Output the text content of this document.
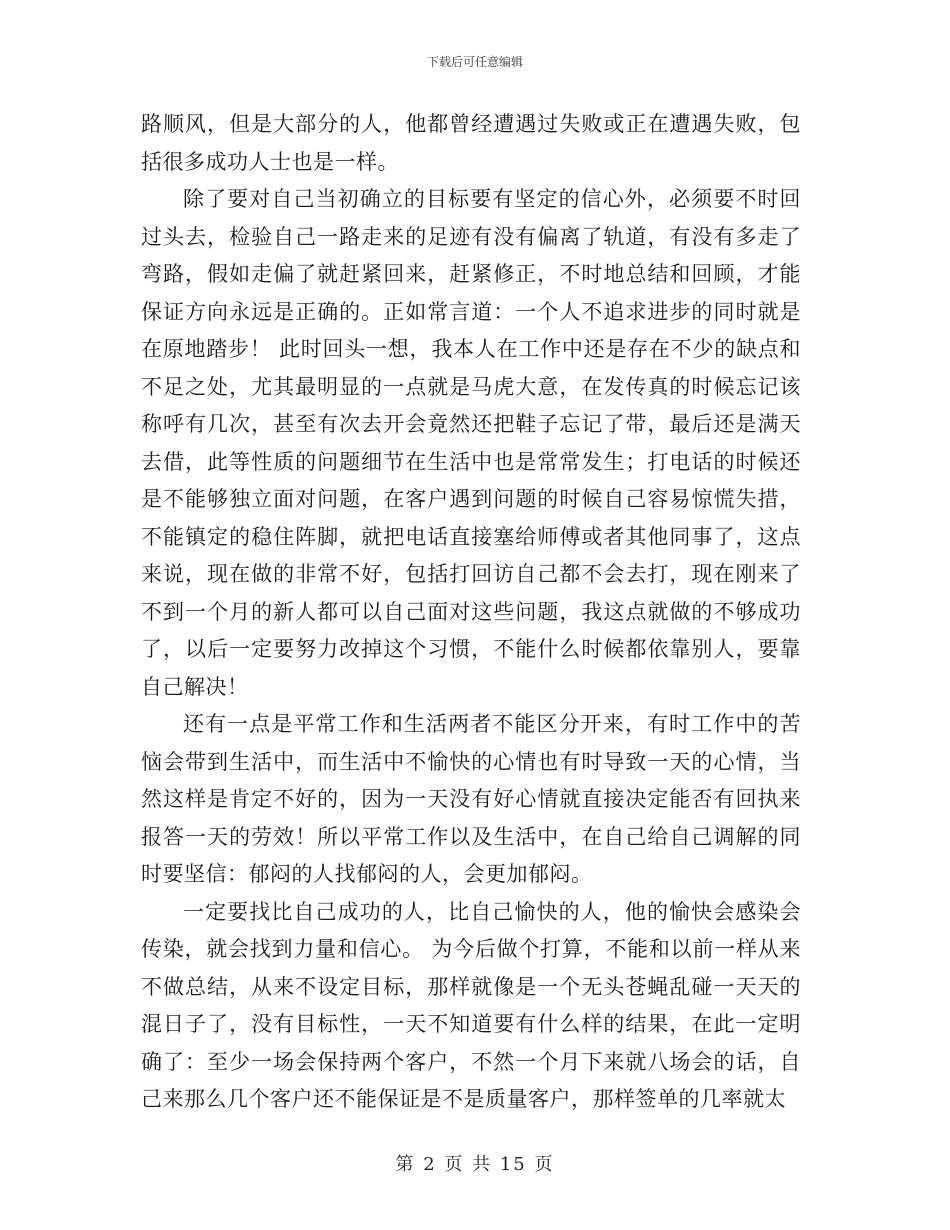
下载后可任意编辑

路顺风，但是大部分的人，他都曾经遭遇过失败或正在遭遇失败，包括很多成功人士也是一样。

除了要对自己当初确立的目标要有坚定的信心外，必须要不时回过头去，检验自己一路走来的足迹有没有偏离了轨道，有没有多走了弯路，假如走偏了就赶紧回来，赶紧修正，不时地总结和回顾，才能保证方向永远是正确的。正如常言道：一个人不追求进步的同时就是在原地踏步！ 此时回头一想，我本人在工作中还是存在不少的缺点和不足之处，尤其最明显的一点就是马虎大意，在发传真的时候忘记该称呼有几次，甚至有次去开会竟然还把鞋子忘记了带，最后还是满天去借，此等性质的问题细节在生活中也是常常发生；打电话的时候还是不能够独立面对问题，在客户遇到问题的时候自己容易惊慌失措，不能镇定的稳住阵脚，就把电话直接塞给师傅或者其他同事了，这点来说，现在做的非常不好，包括打回访自己都不会去打，现在刚来了不到一个月的新人都可以自己面对这些问题，我这点就做的不够成功了，以后一定要努力改掉这个习惯，不能什么时候都依靠别人，要靠自己解决！

还有一点是平常工作和生活两者不能区分开来，有时工作中的苦恼会带到生活中，而生活中不愉快的心情也有时导致一天的心情，当然这样是肯定不好的，因为一天没有好心情就直接决定能否有回执来报答一天的劳效！所以平常工作以及生活中，在自己给自己调解的同时要坚信：郁闷的人找郁闷的人，会更加郁闷。

一定要找比自己成功的人，比自己愉快的人，他的愉快会感染会传染，就会找到力量和信心。 为今后做个打算，不能和以前一样从来不做总结，从来不设定目标，那样就像是一个无头苍蝇乱碰一天天的混日子了，没有目标性，一天不知道要有什么样的结果，在此一定明确了：至少一场会保持两个客户，不然一个月下来就八场会的话，自己来那么几个客户还不能保证是不是质量客户，那样签单的几率就太

第 2 页 共 15 页
